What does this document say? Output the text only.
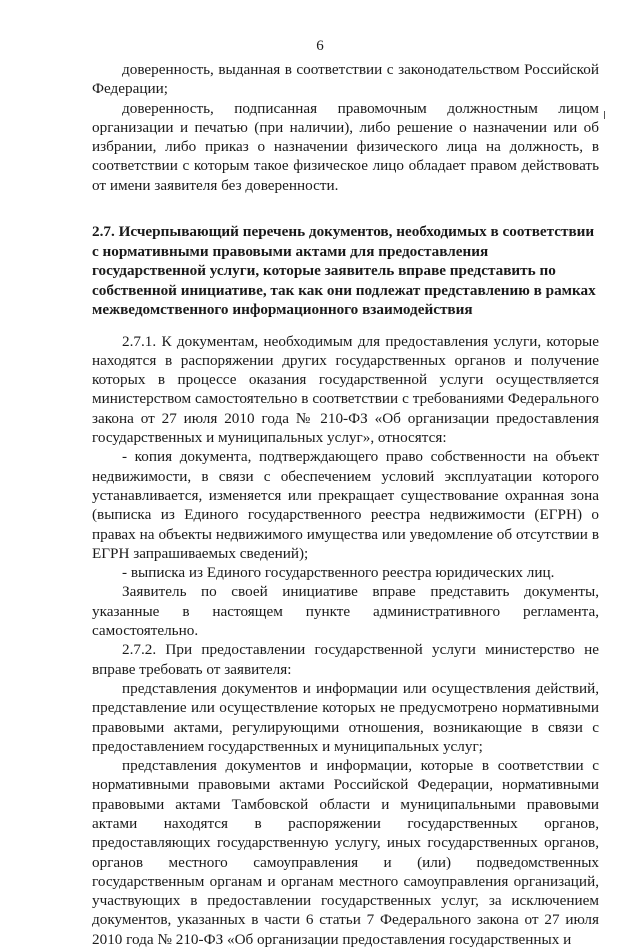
6

доверенность, выданная в соответствии с законодательством Российской Федерации;

доверенность, подписанная правомочным должностным лицом организации и печатью (при наличии), либо решение о назначении или об избрании, либо приказ о назначении физического лица на должность, в соответствии с которым такое физическое лицо обладает правом действовать от имени заявителя без доверенности.

2.7. Исчерпывающий перечень документов, необходимых в соответствии
с нормативными правовыми актами для предоставления
государственной услуги, которые заявитель вправе представить по
собственной инициативе, так как они подлежат представлению в рамках
межведомственного информационного взаимодействия

2.7.1. К документам, необходимым для предоставления услуги, которые находятся в распоряжении других государственных органов и получение которых в процессе оказания государственной услуги осуществляется министерством самостоятельно в соответствии с требованиями Федерального закона от 27 июля 2010 года № 210-ФЗ «Об организации предоставления государственных и муниципальных услуг», относятся:

- копия документа, подтверждающего право собственности на объект недвижимости, в связи с обеспечением условий эксплуатации которого устанавливается, изменяется или прекращает существование охранная зона (выписка из Единого государственного реестра недвижимости (ЕГРН) о правах на объекты недвижимого имущества или уведомление об отсутствии в ЕГРН запрашиваемых сведений);

- выписка из Единого государственного реестра юридических лиц.

Заявитель по своей инициативе вправе представить документы, указанные в настоящем пункте административного регламента, самостоятельно.

2.7.2. При предоставлении государственной услуги министерство не вправе требовать от заявителя:

представления документов и информации или осуществления действий, представление или осуществление которых не предусмотрено нормативными правовыми актами, регулирующими отношения, возникающие в связи с предоставлением государственных и муниципальных услуг;

представления документов и информации, которые в соответствии с нормативными правовыми актами Российской Федерации, нормативными правовыми актами Тамбовской области и муниципальными правовыми актами находятся в распоряжении государственных органов, предоставляющих государственную услугу, иных государственных органов, органов местного самоуправления и (или) подведомственных государственным органам и органам местного самоуправления организаций, участвующих в предоставлении государственных услуг, за исключением документов, указанных в части 6 статьи 7 Федерального закона от 27 июля 2010 года № 210-ФЗ «Об организации предоставления государственных и
